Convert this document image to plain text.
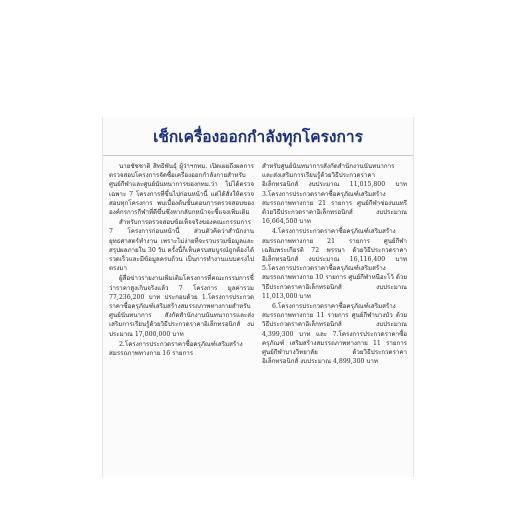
เช็กเครื่องออกกำลังทุกโครงการ

นายชัชชาติ สิทธิพันธุ์ ผู้ว่าฯกทม. เปิดเผยถึงผลการตรวจสอบโครงการจัดซื้อเครื่องออกกำลังกายสำหรับศูนย์กีฬาและศูนย์นันทนาการของกทม.ว่า ไม่ได้ตรวจเฉพาะ 7 โครงการที่ขึ้นไปก่อนหน้านี้ แต่ได้สั่งให้ตรวจสอบทุกโครงการ พบเบื้องต้นขั้นตอนการตรวจสอบขององค์กรการกีฬาที่ดีขึ้นซึ่งหากลับกหน้าจะชี้แจงเพิ่มเติม

สำหรับการตรวจสอบข้อเท็จจริงของคณะกรรมการ 7 โครงการก่อนหน้านี้ ส่วนตัวคิดว่าสำนักงานยุทธศาสตร์ทำงาน เพราะไม่ง่ายที่จะรวบรวมข้อมูลและสรุปผลภายใน 30 วัน ครั้งนี้ก็เห็นครบสมบูรณ์ถูกต้องได้รวดเร็วและมีข้อมูลครบถ้วน เป็นการทำงานแบบตรงไปตรงมา

ผู้สื่อข่าวรายงานเพิ่มเติมโครงการที่คณะกรรมการชี้ว่าราคาสูงเกินจริงแล้ว 7 โครงการ มูลค่ารวม 77,236,200 บาท ประกอบด้วย 1.โครงการประกวดราคาซื้อครุภัณฑ์เสริมสร้างสมรรถภาพทางกายสำหรับศูนย์นันทนาการ สังกัดสำนักงานนันทนาการและส่งเสริมการเรียนรู้ด้วยวิธีประกวดราคาอิเล็กทรอนิกส์ งบประมาณ 17,000,000 บาท

2.โครงการประกวดราคาซื้อครุภัณฑ์เสริมสร้างสมรรถภาพทางกาย 16 รายการ

สำหรับศูนย์นันทนาการสังกัดสำนักงานนันทนาการ และส่งเสริมการเรียนรู้ด้วยวิธีประกวดราคาอิเล็กทรอนิกส์ งบประมาณ 11,015,800 บาท 3.โครงการประกวดราคาซื้อครุภัณฑ์เสริมสร้างสมรรถภาพทางกาย 21 รายการ ศูนย์กีฬาช่องนนทรี ด้วยวิธีประกวดราคาอิเล็กทรอนิกส์ งบประมาณ 16,664,500 บาท

4.โครงการประกวดราคาซื้อครุภัณฑ์เสริมสร้างสมรรถภาพทางกาย 21 รายการ ศูนย์กีฬาเฉลิมพระเกียรติ 72 พรรษา ด้วยวิธีประกวดราคาอิเล็กทรอนิกส์ งบประมาณ 16,116,400 บาท 5.โครงการประกวดราคาซื้อครุภัณฑ์เสริมสร้างสมรรถภาพทางกาย 10 รายการ ศูนย์กีฬาหนีฮะโว้ ด้วยวิธีประกวดราคาอิเล็กทรอนิกส์ งบประมาณ 11,013,000 บาท

6.โครงการประกวดราคาซื้อครุภัณฑ์เสริมสร้างสมรรถภาพทางกาย 11 รายการ ศูนย์กีฬาบางบัว ด้วยวิธีประกวดราคาอิเล็กทรอนิกส์ งบประมาณ 4,399,300 บาท และ 7.โครงการประกวดราคาซื้อครุภัณฑ์ เสริมสร้างสมรรถภาพทางกาย 11 รายการ ศูนย์กีฬาบางวิทยาลัย ด้วยวิธีประกวดราคาอิเล็กทรอนิกส์ งบประมาณ 4,899,300 บาท
